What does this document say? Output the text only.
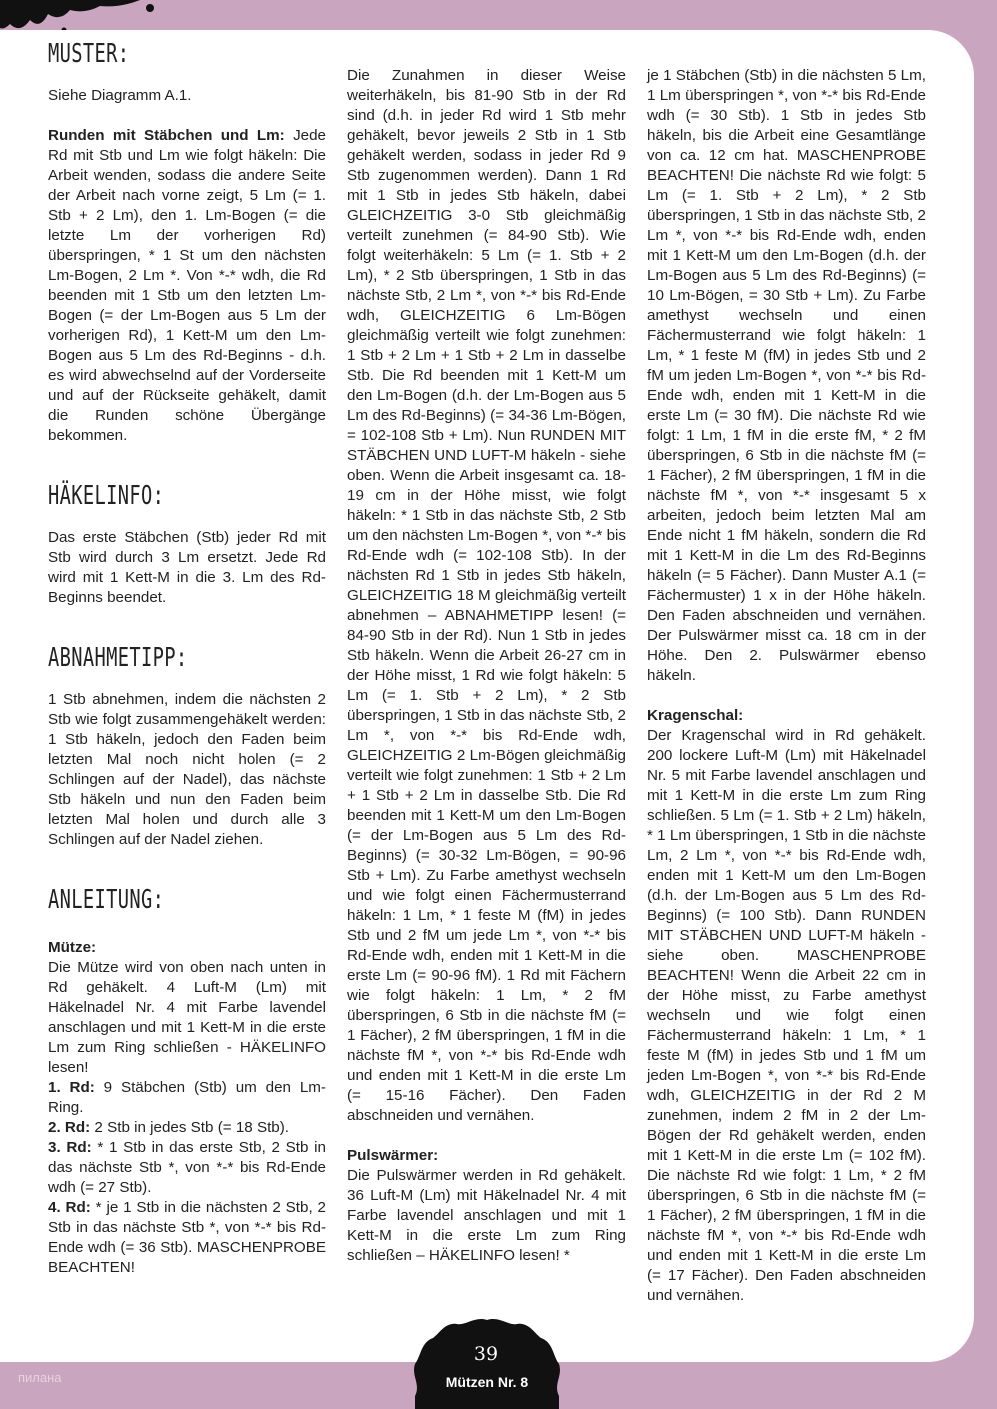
MUSTER:

Siehe Diagramm A.1.

Runden mit Stäbchen und Lm: Jede Rd mit Stb und Lm wie folgt häkeln: Die Arbeit wenden, sodass die andere Seite der Arbeit nach vorne zeigt, 5 Lm (= 1. Stb + 2 Lm), den 1. Lm-Bogen (= die letzte Lm der vorherigen Rd) überspringen, * 1 St um den nächsten Lm-Bogen, 2 Lm *. Von *-* wdh, die Rd beenden mit 1 Stb um den letzten Lm-Bogen (= der Lm-Bogen aus 5 Lm der vorherigen Rd), 1 Kett-M um den Lm-Bogen aus 5 Lm des Rd-Beginns - d.h. es wird abwechselnd auf der Vorderseite und auf der Rückseite gehäkelt, damit die Runden schöne Übergänge bekommen.

HÄKELINFO:

Das erste Stäbchen (Stb) jeder Rd mit Stb wird durch 3 Lm ersetzt. Jede Rd wird mit 1 Kett-M in die 3. Lm des Rd-Beginns beendet.

ABNAHMETIPP:

1 Stb abnehmen, indem die nächsten 2 Stb wie folgt zusammengehäkelt werden: 1 Stb häkeln, jedoch den Faden beim letzten Mal noch nicht holen (= 2 Schlingen auf der Nadel), das nächste Stb häkeln und nun den Faden beim letzten Mal holen und durch alle 3 Schlingen auf der Nadel ziehen.

ANLEITUNG:

Mütze:

Die Mütze wird von oben nach unten in Rd gehäkelt. 4 Luft-M (Lm) mit Häkelnadel Nr. 4 mit Farbe lavendel anschlagen und mit 1 Kett-M in die erste Lm zum Ring schließen - HÄKELINFO lesen!

1. Rd: 9 Stäbchen (Stb) um den Lm-Ring.

2. Rd: 2 Stb in jedes Stb (= 18 Stb).

3. Rd: * 1 Stb in das erste Stb, 2 Stb in das nächste Stb *, von *-* bis Rd-Ende wdh (= 27 Stb).

4. Rd: * je 1 Stb in die nächsten 2 Stb, 2 Stb in das nächste Stb *, von *-* bis Rd-Ende wdh (= 36 Stb). MASCHENPROBE BEACHTEN!

Die Zunahmen in dieser Weise weiterhäkeln, bis 81-90 Stb in der Rd sind (d.h. in jeder Rd wird 1 Stb mehr gehäkelt, bevor jeweils 2 Stb in 1 Stb gehäkelt werden, sodass in jeder Rd 9 Stb zugenommen werden). Dann 1 Rd mit 1 Stb in jedes Stb häkeln, dabei GLEICHZEITIG 3-0 Stb gleichmäßig verteilt zunehmen (= 84-90 Stb). Wie folgt weiterhäkeln: 5 Lm (= 1. Stb + 2 Lm), * 2 Stb überspringen, 1 Stb in das nächste Stb, 2 Lm *, von *-* bis Rd-Ende wdh, GLEICHZEITIG 6 Lm-Bögen gleichmäßig verteilt wie folgt zunehmen: 1 Stb + 2 Lm + 1 Stb + 2 Lm in dasselbe Stb. Die Rd beenden mit 1 Kett-M um den Lm-Bogen (d.h. der Lm-Bogen aus 5 Lm des Rd-Beginns) (= 34-36 Lm-Bögen, = 102-108 Stb + Lm). Nun RUNDEN MIT STÄBCHEN UND LUFT-M häkeln - siehe oben. Wenn die Arbeit insgesamt ca. 18-19 cm in der Höhe misst, wie folgt häkeln: * 1 Stb in das nächste Stb, 2 Stb um den nächsten Lm-Bogen *, von *-* bis Rd-Ende wdh (= 102-108 Stb). In der nächsten Rd 1 Stb in jedes Stb häkeln, GLEICHZEITIG 18 M gleichmäßig verteilt abnehmen – ABNAHMETIPP lesen! (= 84-90 Stb in der Rd). Nun 1 Stb in jedes Stb häkeln. Wenn die Arbeit 26-27 cm in der Höhe misst, 1 Rd wie folgt häkeln: 5 Lm (= 1. Stb + 2 Lm), * 2 Stb überspringen, 1 Stb in das nächste Stb, 2 Lm *, von *-* bis Rd-Ende wdh, GLEICHZEITIG 2 Lm-Bögen gleichmäßig verteilt wie folgt zunehmen: 1 Stb + 2 Lm + 1 Stb + 2 Lm in dasselbe Stb. Die Rd beenden mit 1 Kett-M um den Lm-Bogen (= der Lm-Bogen aus 5 Lm des Rd-Beginns) (= 30-32 Lm-Bögen, = 90-96 Stb + Lm). Zu Farbe amethyst wechseln und wie folgt einen Fächermusterrand häkeln: 1 Lm, * 1 feste M (fM) in jedes Stb und 2 fM um jede Lm *, von *-* bis Rd-Ende wdh, enden mit 1 Kett-M in die erste Lm (= 90-96 fM). 1 Rd mit Fächern wie folgt häkeln: 1 Lm, * 2 fM überspringen, 6 Stb in die nächste fM (= 1 Fächer), 2 fM überspringen, 1 fM in die nächste fM *, von *-* bis Rd-Ende wdh und enden mit 1 Kett-M in die erste Lm (= 15-16 Fächer). Den Faden abschneiden und vernähen.

Pulswärmer:

Die Pulswärmer werden in Rd gehäkelt. 36 Luft-M (Lm) mit Häkelnadel Nr. 4 mit Farbe lavendel anschlagen und mit 1 Kett-M in die erste Lm zum Ring schließen – HÄKELINFO lesen! *

je 1 Stäbchen (Stb) in die nächsten 5 Lm, 1 Lm überspringen *, von *-* bis Rd-Ende wdh (= 30 Stb). 1 Stb in jedes Stb häkeln, bis die Arbeit eine Gesamtlänge von ca. 12 cm hat. MASCHENPROBE BEACHTEN! Die nächste Rd wie folgt: 5 Lm (= 1. Stb + 2 Lm), * 2 Stb überspringen, 1 Stb in das nächste Stb, 2 Lm *, von *-* bis Rd-Ende wdh, enden mit 1 Kett-M um den Lm-Bogen (d.h. der Lm-Bogen aus 5 Lm des Rd-Beginns) (= 10 Lm-Bögen, = 30 Stb + Lm). Zu Farbe amethyst wechseln und einen Fächermusterrand wie folgt häkeln: 1 Lm, * 1 feste M (fM) in jedes Stb und 2 fM um jeden Lm-Bogen *, von *-* bis Rd-Ende wdh, enden mit 1 Kett-M in die erste Lm (= 30 fM). Die nächste Rd wie folgt: 1 Lm, 1 fM in die erste fM, * 2 fM überspringen, 6 Stb in die nächste fM (= 1 Fächer), 2 fM überspringen, 1 fM in die nächste fM *, von *-* insgesamt 5 x arbeiten, jedoch beim letzten Mal am Ende nicht 1 fM häkeln, sondern die Rd mit 1 Kett-M in die Lm des Rd-Beginns häkeln (= 5 Fächer). Dann Muster A.1 (= Fächermuster) 1 x in der Höhe häkeln. Den Faden abschneiden und vernähen. Der Pulswärmer misst ca. 18 cm in der Höhe. Den 2. Pulswärmer ebenso häkeln.

Kragenschal:

Der Kragenschal wird in Rd gehäkelt. 200 lockere Luft-M (Lm) mit Häkelnadel Nr. 5 mit Farbe lavendel anschlagen und mit 1 Kett-M in die erste Lm zum Ring schließen. 5 Lm (= 1. Stb + 2 Lm) häkeln, * 1 Lm überspringen, 1 Stb in die nächste Lm, 2 Lm *, von *-* bis Rd-Ende wdh, enden mit 1 Kett-M um den Lm-Bogen (d.h. der Lm-Bogen aus 5 Lm des Rd-Beginns) (= 100 Stb). Dann RUNDEN MIT STÄBCHEN UND LUFT-M häkeln - siehe oben. MASCHENPROBE BEACHTEN! Wenn die Arbeit 22 cm in der Höhe misst, zu Farbe amethyst wechseln und wie folgt einen Fächermusterrand häkeln: 1 Lm, * 1 feste M (fM) in jedes Stb und 1 fM um jeden Lm-Bogen *, von *-* bis Rd-Ende wdh, GLEICHZEITIG in der Rd 2 M zunehmen, indem 2 fM in 2 der Lm-Bögen der Rd gehäkelt werden, enden mit 1 Kett-M in die erste Lm (= 102 fM). Die nächste Rd wie folgt: 1 Lm, * 2 fM überspringen, 6 Stb in die nächste fM (= 1 Fächer), 2 fM überspringen, 1 fM in die nächste fM *, von *-* bis Rd-Ende wdh und enden mit 1 Kett-M in die erste Lm (= 17 Fächer). Den Faden abschneiden und vernähen.

39
Mützen Nr. 8
пилана
